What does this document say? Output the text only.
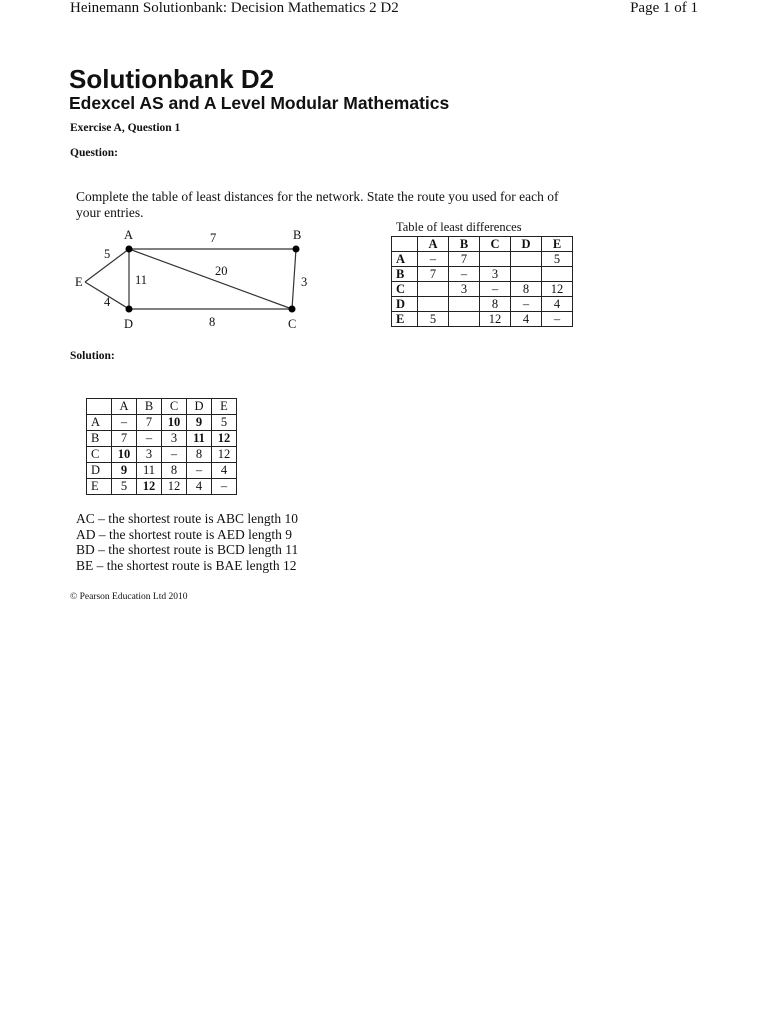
Heinemann Solutionbank: Decision Mathematics 2 D2	Page 1 of 1
Solutionbank D2
Edexcel AS and A Level Modular Mathematics
Exercise A, Question 1
Question:
Complete the table of least distances for the network. State the route you used for each of your entries.
A	B
C
D
E
7
3
20
11
8
5
4
Table of least differences
	A	B	C	D	E
A	–	7			5
B	7	–	3		
C		3	–	8	12
D			8	–	4
E	5		12	4	–
Solution:
	A	B	C	D	E
A	–	7	10	9	5
B	7	–	3	11	12
C	10	3	–	8	12
D	9	11	8	–	4
E	5	12	12	4	–
AC – the shortest route is ABC length 10
AD – the shortest route is AED length 9
BD – the shortest route is BCD length 11
BE – the shortest route is BAE length 12
© Pearson Education Ltd 2010
